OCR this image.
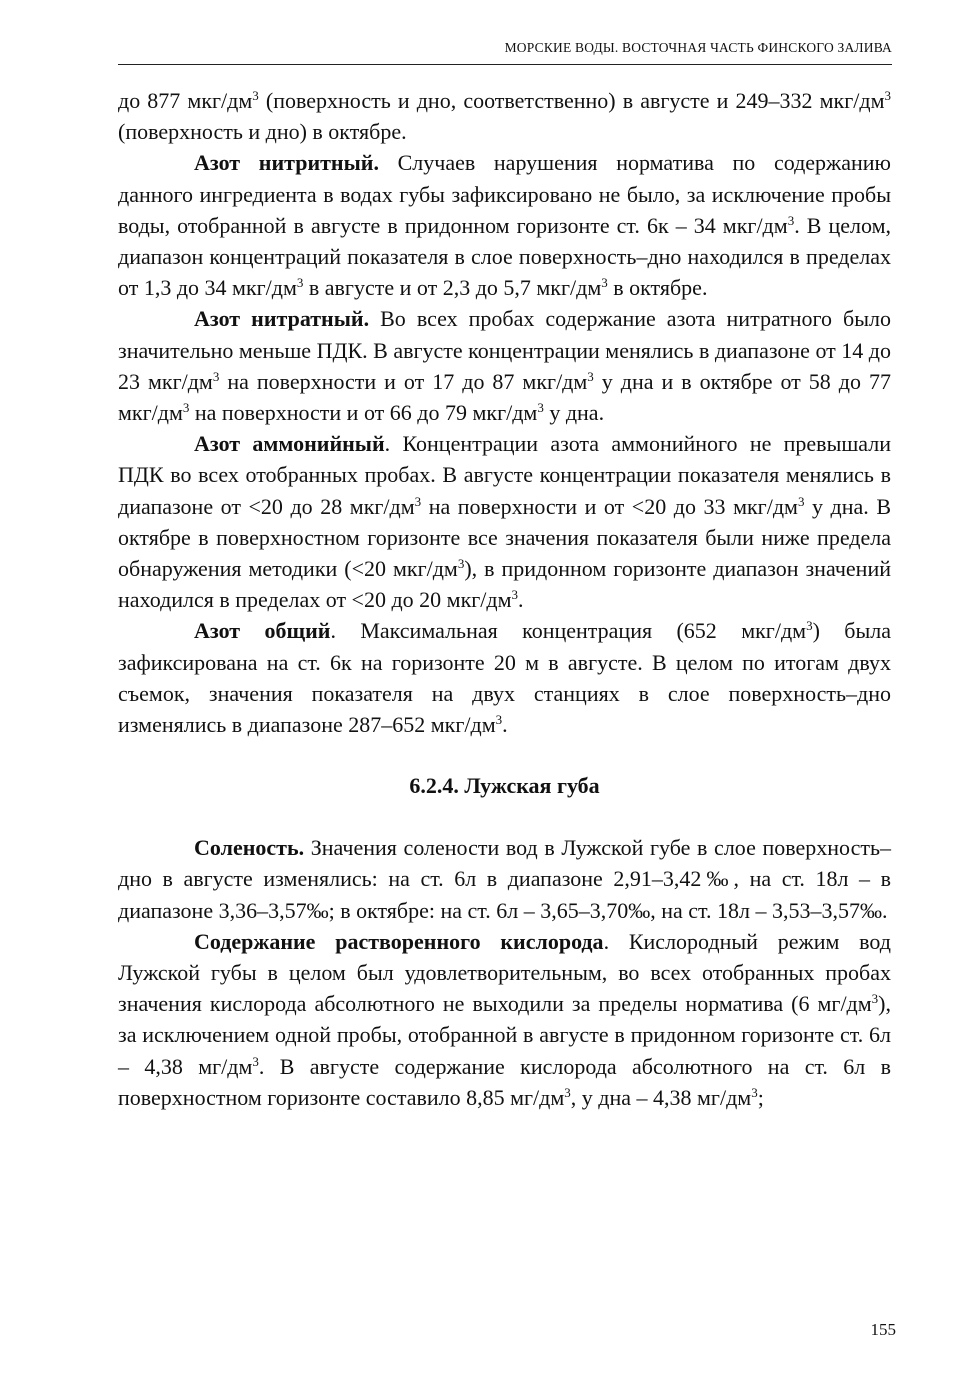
МОРСКИЕ ВОДЫ. ВОСТОЧНАЯ ЧАСТЬ ФИНСКОГО ЗАЛИВА

до 877 мкг/$дм^3$ (поверхность и дно, соответственно) в августе и 249–332 мкг/$дм^3$ (поверхность и дно) в октябре.

Азот нитритный. Случаев нарушения норматива по содержанию данного ингредиента в водах губы зафиксировано не было, за исключение пробы воды, отобранной в августе в придонном горизонте ст. 6к – 34 мкг/$дм^3$. В целом, диапазон концентраций показателя в слое поверхность–дно находился в пределах от 1,3 до 34 мкг/$дм^3$ в августе и от 2,3 до 5,7 мкг/$дм^3$ в октябре.

Азот нитратный. Во всех пробах содержание азота нитратного было значительно меньше ПДК. В августе концентрации менялись в диапазоне от 14 до 23 мкг/$дм^3$ на поверхности и от 17 до 87 мкг/$дм^3$ у дна и в октябре от 58 до 77 мкг/$дм^3$ на поверхности и от 66 до 79 мкг/$дм^3$ у дна.

Азот аммонийный. Концентрации азота аммонийного не превышали ПДК во всех отобранных пробах. В августе концентрации показателя менялись в диапазоне от <20 до 28 мкг/$дм^3$ на поверхности и от <20 до 33 мкг/$дм^3$ у дна. В октябре в поверхностном горизонте все значения показателя были ниже предела обнаружения методики (<20 мкг/$дм^3$), в придонном горизонте диапазон значений находился в пределах от <20 до 20 мкг/$дм^3$.

Азот общий. Максимальная концентрация (652 мкг/$дм^3$) была зафиксирована на ст. 6к на горизонте 20 м в августе. В целом по итогам двух съемок, значения показателя на двух станциях в слое поверхность–дно изменялись в диапазоне 287–652 мкг/$дм^3$.

6.2.4. Лужская губа

Соленость. Значения солености вод в Лужской губе в слое поверхность–дно в августе изменялись: на ст. 6л в диапазоне 2,91–3,42‰, на ст. 18л – в диапазоне 3,36–3,57‰; в октябре: на ст. 6л – 3,65–3,70‰, на ст. 18л – 3,53–3,57‰.

Содержание растворенного кислорода. Кислородный режим вод Лужской губы в целом был удовлетворительным, во всех отобранных пробах значения кислорода абсолютного не выходили за пределы норматива (6 $мг/дм^3$), за исключением одной пробы, отобранной в августе в придонном горизонте ст. 6л – 4,38 $мг/дм^3$. В августе содержание кислорода абсолютного на ст. 6л в поверхностном горизонте составило 8,85 $мг/дм^3$, у дна – 4,38 $мг/дм^3$;

155
